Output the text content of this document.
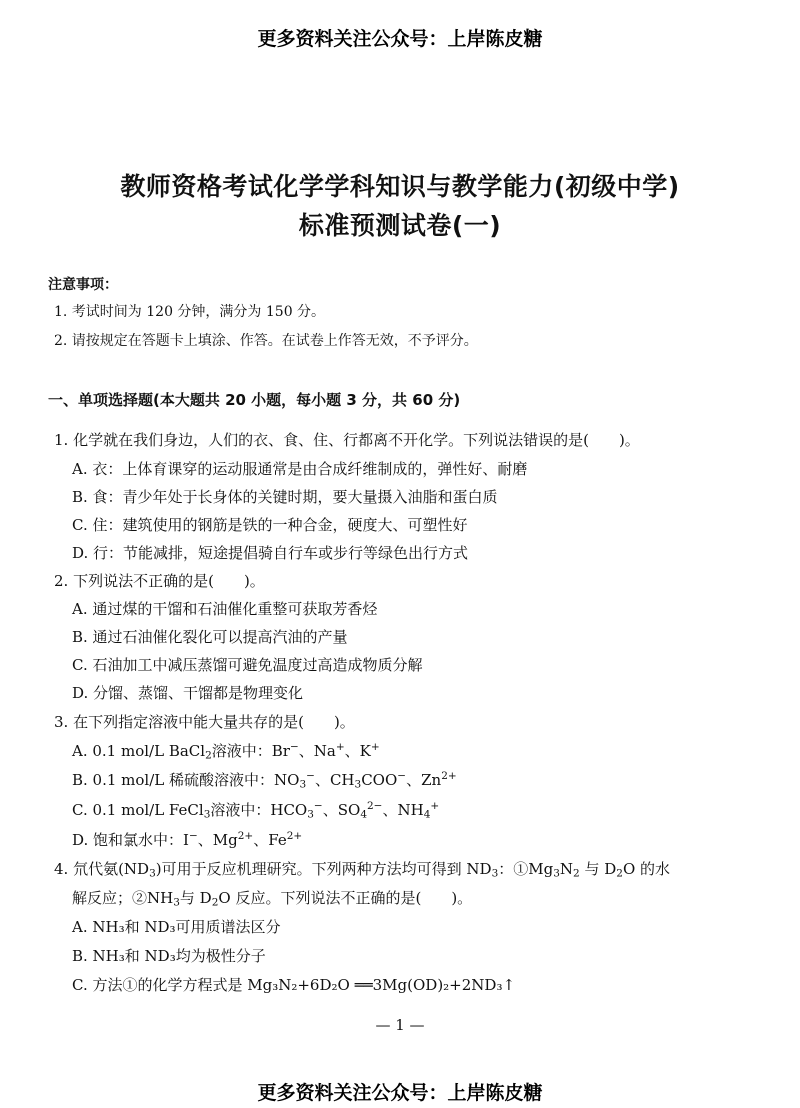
更多资料关注公众号：上岸陈皮糖
教师资格考试化学学科知识与教学能力(初级中学)
标准预测试卷(一)
注意事项：
1. 考试时间为 120 分钟，满分为 150 分。
2. 请按规定在答题卡上填涂、作答。在试卷上作答无效，不予评分。
一、单项选择题(本大题共 20 小题，每小题 3 分，共 60 分)
1. 化学就在我们身边，人们的衣、食、住、行都离不开化学。下列说法错误的是( )。
A. 衣：上体育课穿的运动服通常是由合成纤维制成的，弹性好、耐磨
B. 食：青少年处于长身体的关键时期，要大量摄入油脂和蛋白质
C. 住：建筑使用的钢筋是铁的一种合金，硬度大、可塑性好
D. 行：节能减排，短途提倡骑自行车或步行等绿色出行方式
2. 下列说法不正确的是( )。
A. 通过煤的干馏和石油催化重整可获取芳香烃
B. 通过石油催化裂化可以提高汽油的产量
C. 石油加工中减压蒸馏可避免温度过高造成物质分解
D. 分馏、蒸馏、干馏都是物理变化
3. 在下列指定溶液中能大量共存的是( )。
A. 0.1 mol/L BaCl$_2$溶液中：Br−、Na+、K+
B. 0.1 mol/L 稀硫酸溶液中：$NO_3^-$、$CH_3COO^-$、$Zn^{2+}$
C. 0.1 mol/L FeCl$_3$溶液中：$HCO_3^-$、$SO_4^{2-}$、$NH_4^+$
D. 饱和氯水中：I−、$Mg^{2+}$、$Fe^{2+}$
4. 氘代氨$(ND_3)$可用于反应机理研究。下列两种方法均可得到 $ND_3$：$①Mg_3N_2$ 与 $D_2O$ 的水
解反应；$②NH_3$与 $D_2O$ 反应。下列说法不正确的是( )。
A. NH₃和 ND₃可用质谱法区分
B. NH₃和 ND₃均为极性分子
C. 方法①的化学方程式是 Mg₃N₂+6D₂O ══3Mg(OD)₂+2ND₃↑
— 1 —
更多资料关注公众号：上岸陈皮糖
